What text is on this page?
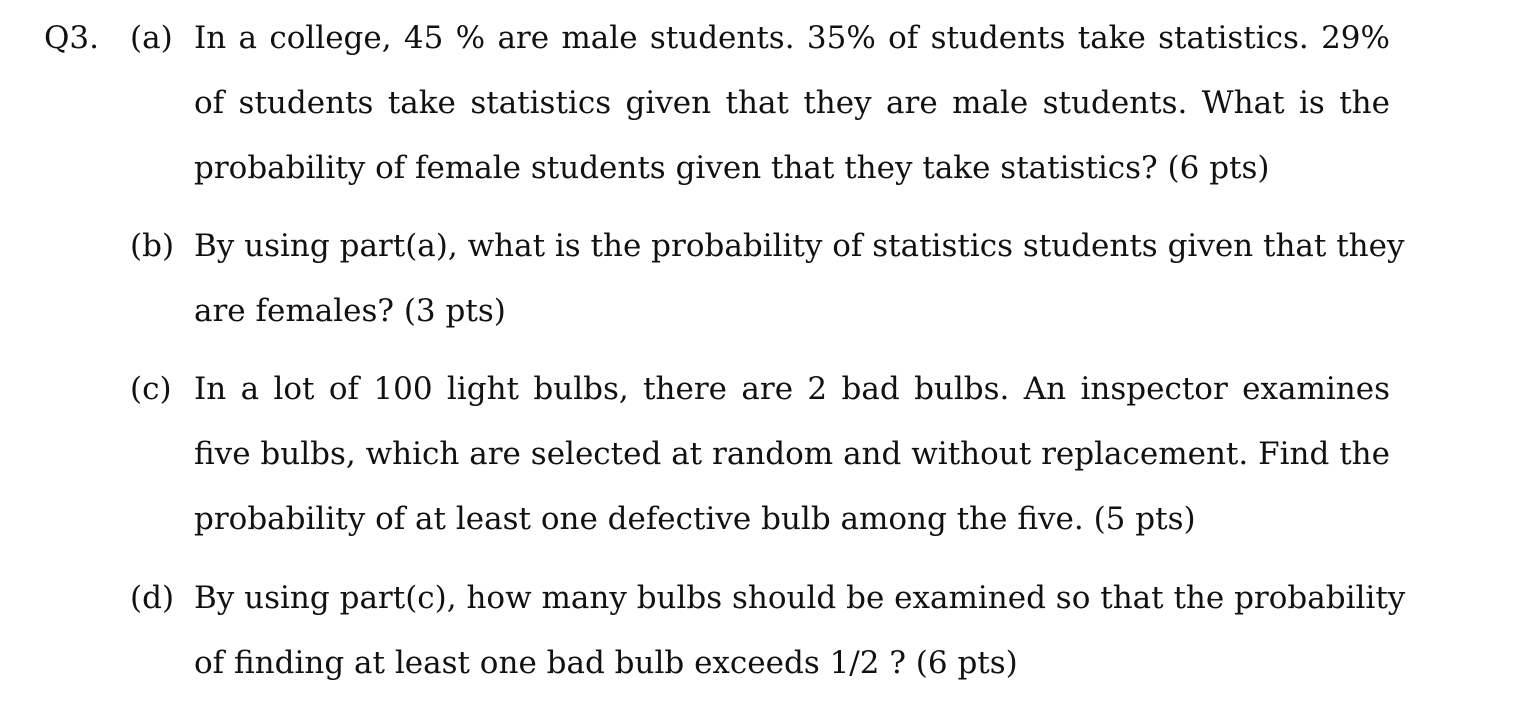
Q3. (a) In a college, 45 % are male students. 35% of students take statistics. 29%
of students take statistics given that they are male students. What is the
probability of female students given that they take statistics? (6 pts)
(b) By using part(a), what is the probability of statistics students given that they
are females? (3 pts)
(c) In a lot of 100 light bulbs, there are 2 bad bulbs. An inspector examines
five bulbs, which are selected at random and without replacement. Find the
probability of at least one defective bulb among the five. (5 pts)
(d) By using part(c), how many bulbs should be examined so that the probability
of finding at least one bad bulb exceeds 1/2 ? (6 pts)
